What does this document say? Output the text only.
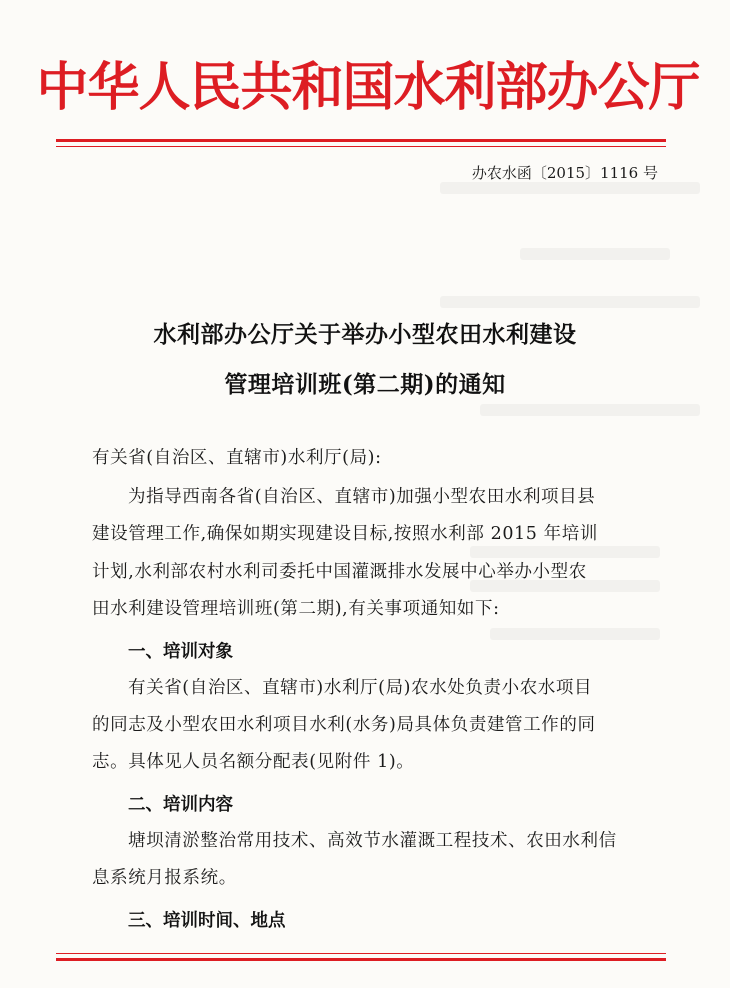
中华人民共和国水利部办公厅
办农水函〔2015〕1116 号
水利部办公厅关于举办小型农田水利建设
管理培训班(第二期)的通知
有关省(自治区、直辖市)水利厅(局):
为指导西南各省(自治区、直辖市)加强小型农田水利项目县
建设管理工作,确保如期实现建设目标,按照水利部 2015 年培训
计划,水利部农村水利司委托中国灌溉排水发展中心举办小型农
田水利建设管理培训班(第二期),有关事项通知如下:
一、培训对象
有关省(自治区、直辖市)水利厅(局)农水处负责小农水项目
的同志及小型农田水利项目水利(水务)局具体负责建管工作的同
志。具体见人员名额分配表(见附件 1)。
二、培训内容
塘坝清淤整治常用技术、高效节水灌溉工程技术、农田水利信
息系统月报系统。
三、培训时间、地点
